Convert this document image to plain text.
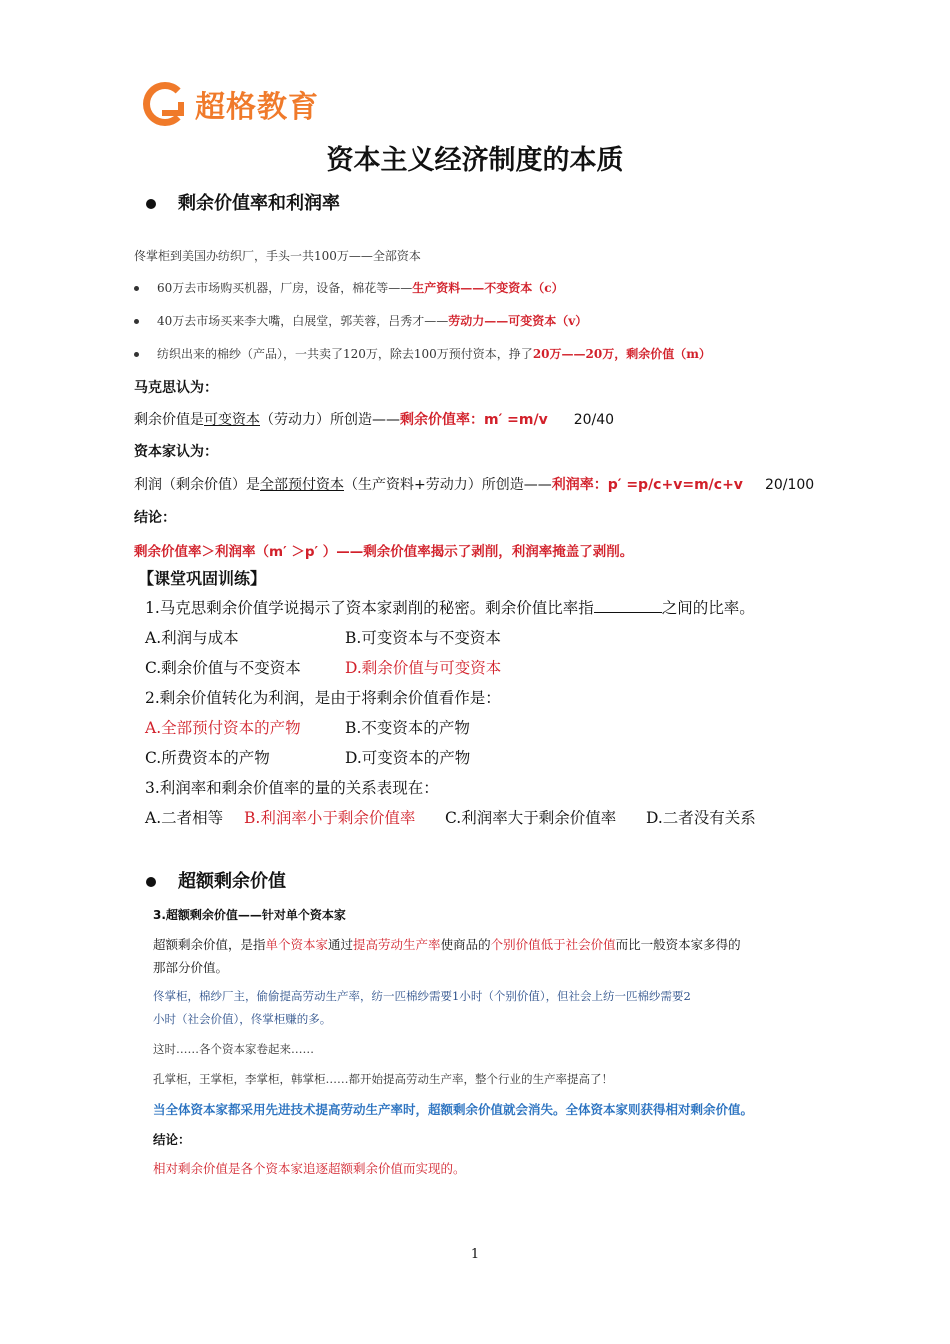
超格教育
资本主义经济制度的本质
剩余价值率和利润率
佟掌柜到美国办纺织厂，手头一共100万——全部资本
60万去市场购买机器，厂房，设备，棉花等——生产资料——不变资本（c）
40万去市场买来李大嘴，白展堂，郭芙蓉，吕秀才——劳动力——可变资本（v）
纺织出来的棉纱（产品），一共卖了120万，除去100万预付资本，挣了20万——20万，剩余价值（m）
马克思认为：
剩余价值是可变资本（劳动力）所创造——剩余价值率：m′ =m/v 20/40
资本家认为：
利润（剩余价值）是全部预付资本（生产资料+劳动力）所创造——利润率：p′ =p/c+v=m/c+v 20/100
结论：
剩余价值率＞利润率（m′ ＞p′ ）——剩余价值率揭示了剥削，利润率掩盖了剥削。
【课堂巩固训练】
1.马克思剩余价值学说揭示了资本家剥削的秘密。剩余价值比率指	之间的比率。
A.利润与成本	B.可变资本与不变资本
C.剩余价值与不变资本	D.剩余价值与可变资本
2.剩余价值转化为利润，是由于将剩余价值看作是：
A.全部预付资本的产物	B.不变资本的产物
C.所费资本的产物	D.可变资本的产物
3.利润率和剩余价值率的量的关系表现在：
A.二者相等 B.利润率小于剩余价值率 C.利润率大于剩余价值率 D.二者没有关系
超额剩余价值
3.超额剩余价值——针对单个资本家
超额剩余价值，是指单个资本家通过提高劳动生产率使商品的个别价值低于社会价值而比一般资本家多得的
那部分价值。
佟掌柜，棉纱厂主，偷偷提高劳动生产率，纺一匹棉纱需要1小时（个别价值），但社会上纺一匹棉纱需要2
小时（社会价值），佟掌柜赚的多。
这时……各个资本家卷起来……
孔掌柜，王掌柜，李掌柜，韩掌柜……都开始提高劳动生产率，整个行业的生产率提高了！
当全体资本家都采用先进技术提高劳动生产率时，超额剩余价值就会消失。全体资本家则获得相对剩余价值。
结论：
相对剩余价值是各个资本家追逐超额剩余价值而实现的。
1
